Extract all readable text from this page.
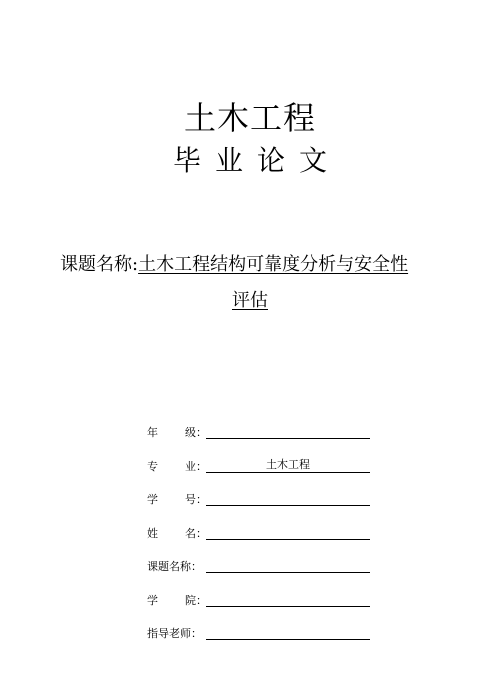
土木工程
毕业论文
课题名称:土木工程结构可靠度分析与安全性
评估
年 级：
专 业：	土木工程
学 号：
姓 名：
课题名称：
学 院：
指导老师：
